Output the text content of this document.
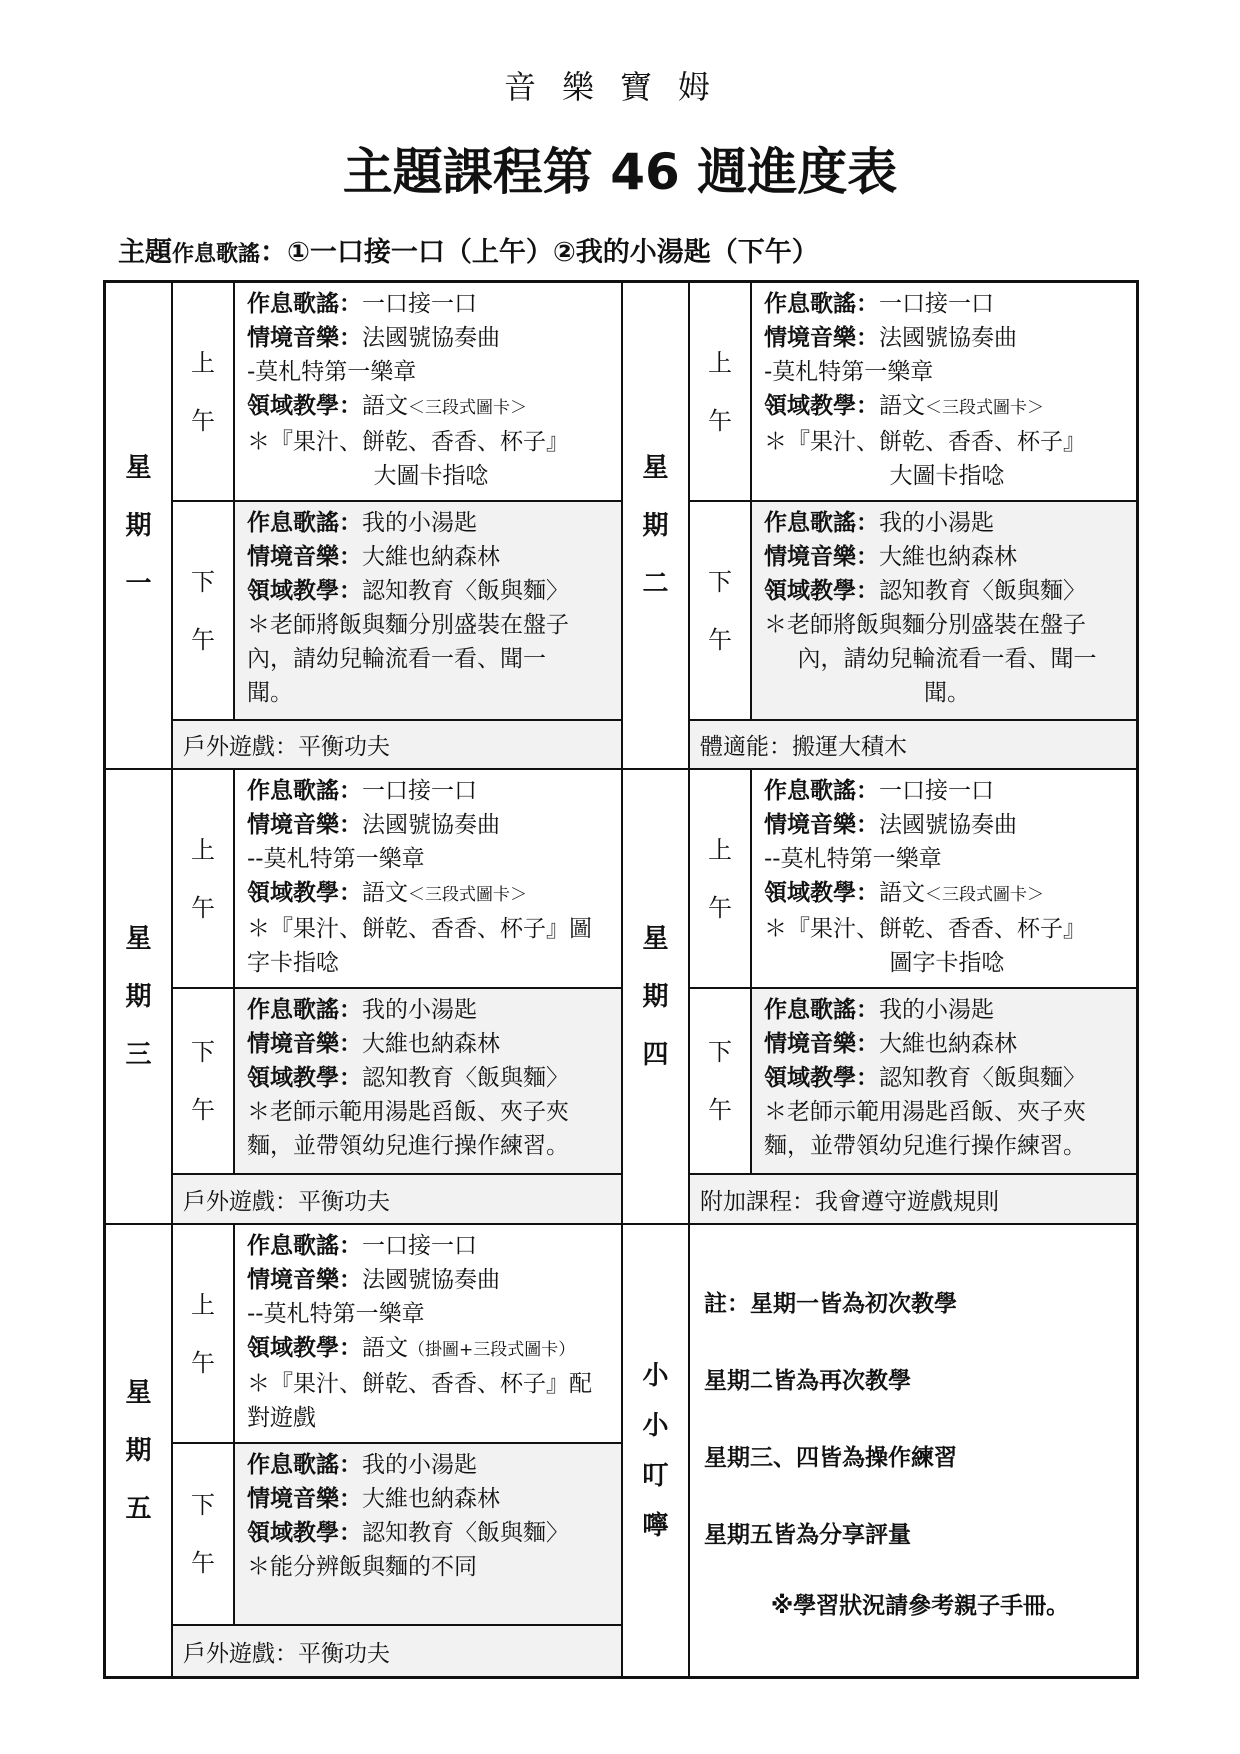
音樂寶姆
主題課程第 46 週進度表
主題作息歌謠：①一口接一口（上午）②我的小湯匙（下午）
星
期
一
上
午
作息歌謠：一口接一口
情境音樂：法國號協奏曲
-莫札特第一樂章
領域教學：語文＜三段式圖卡＞
＊『果汁、餅乾、香香、杯子』
大圖卡指唸
下
午
作息歌謠：我的小湯匙
情境音樂：大維也納森林
領域教學：認知教育〈飯與麵〉
＊老師將飯與麵分別盛裝在盤子
內，請幼兒輪流看一看、聞一
聞。
戶外遊戲：平衡功夫
星
期
二
上
午
作息歌謠：一口接一口
情境音樂：法國號協奏曲
-莫札特第一樂章
領域教學：語文＜三段式圖卡＞
＊『果汁、餅乾、香香、杯子』
大圖卡指唸
下
午
作息歌謠：我的小湯匙
情境音樂：大維也納森林
領域教學：認知教育〈飯與麵〉
＊老師將飯與麵分別盛裝在盤子
內，請幼兒輪流看一看、聞一
聞。
體適能：搬運大積木
星
期
三
上
午
作息歌謠：一口接一口
情境音樂：法國號協奏曲
--莫札特第一樂章
領域教學：語文＜三段式圖卡＞
＊『果汁、餅乾、香香、杯子』圖
字卡指唸
下
午
作息歌謠：我的小湯匙
情境音樂：大維也納森林
領域教學：認知教育〈飯與麵〉
＊老師示範用湯匙舀飯、夾子夾
麵，並帶領幼兒進行操作練習。
戶外遊戲：平衡功夫
星
期
四
上
午
作息歌謠：一口接一口
情境音樂：法國號協奏曲
--莫札特第一樂章
領域教學：語文＜三段式圖卡＞
＊『果汁、餅乾、香香、杯子』
圖字卡指唸
下
午
作息歌謠：我的小湯匙
情境音樂：大維也納森林
領域教學：認知教育〈飯與麵〉
＊老師示範用湯匙舀飯、夾子夾
麵，並帶領幼兒進行操作練習。
附加課程：我會遵守遊戲規則
星
期
五
上
午
作息歌謠：一口接一口
情境音樂：法國號協奏曲
--莫札特第一樂章
領域教學：語文（掛圖+三段式圖卡）
＊『果汁、餅乾、香香、杯子』配
對遊戲
下
午
作息歌謠：我的小湯匙
情境音樂：大維也納森林
領域教學：認知教育〈飯與麵〉
＊能分辨飯與麵的不同
戶外遊戲：平衡功夫
小
小
叮
嚀
註：星期一皆為初次教學
星期二皆為再次教學
星期三、四皆為操作練習
星期五皆為分享評量
※學習狀況請參考親子手冊。
